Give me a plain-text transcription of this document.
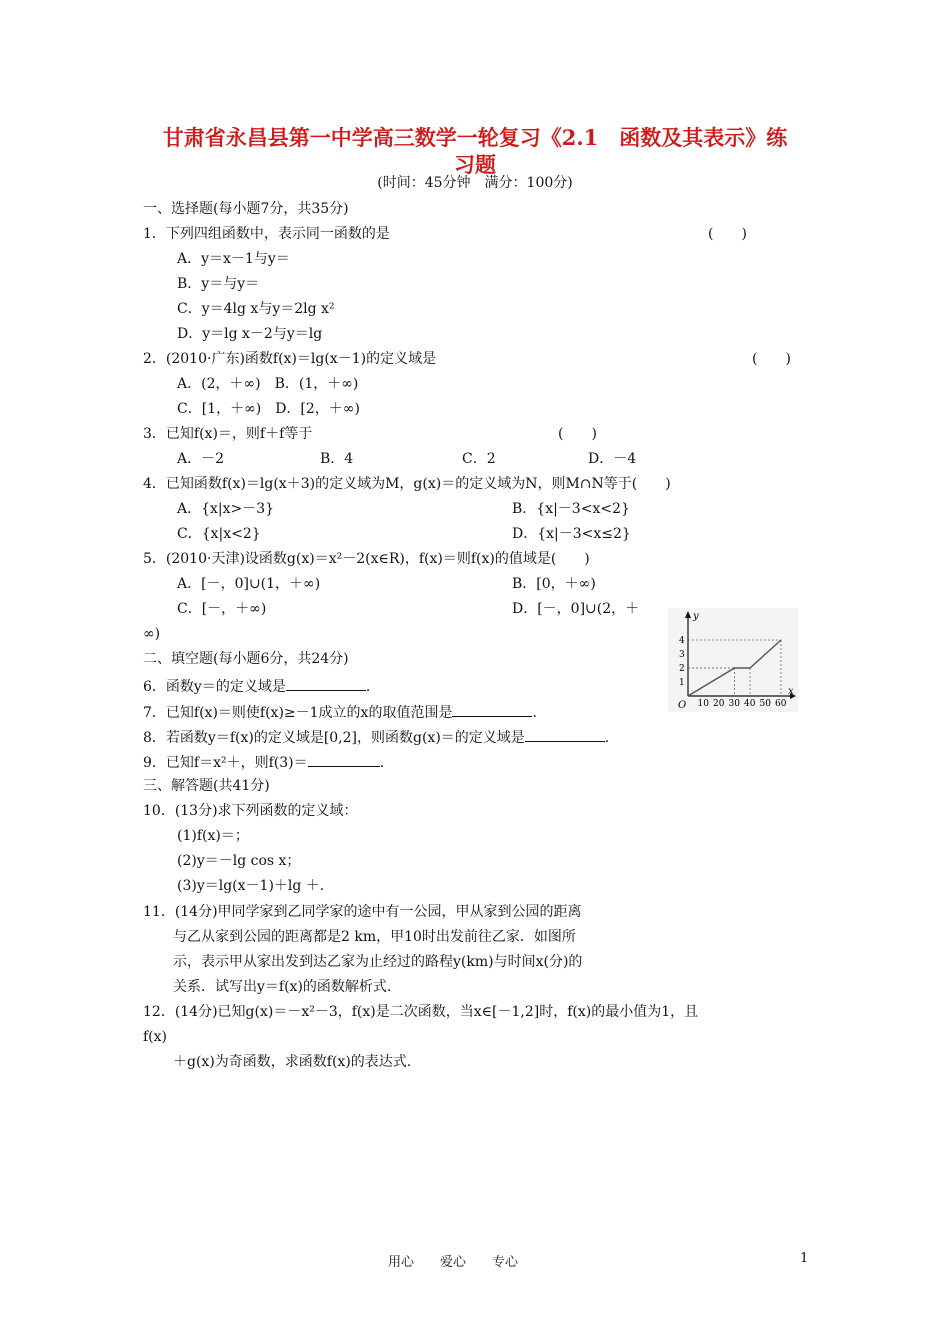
甘肃省永昌县第一中学高三数学一轮复习《2.1　函数及其表示》练
习题
(时间：45分钟　满分：100分)
一、选择题(每小题7分，共35分)
1．下列四组函数中，表示同一函数的是	(　　)
A．y＝x－1与y＝
B．y＝与y＝
C．y＝4lg x与y＝2lg x²
D．y＝lg x－2与y＝lg
2．(2010·广东)函数f(x)＝lg(x－1)的定义域是	(　　)
A．(2，＋∞)　B．(1，＋∞)
C．[1，＋∞)　D．[2，＋∞)
3．已知f(x)＝，则f＋f等于	(　　)
A．－2	B．4	C．2	D．－4
4．已知函数f(x)＝lg(x＋3)的定义域为M，g(x)＝的定义域为N，则M∩N等于(　　)
A．{x|x>－3}	B．{x|－3<x<2}
C．{x|x<2}	D．{x|－3<x≤2}
5．(2010·天津)设函数g(x)＝x²－2(x∈R)，f(x)＝则f(x)的值域是(　　)
A．[－，0]∪(1，＋∞)	B．[0，＋∞)
C．[－，＋∞)	D．[－，0]∪(2，＋
∞)
二、填空题(每小题6分，共24分)
6．函数y＝的定义域是	.
7．已知f(x)＝则使f(x)≥－1成立的x的取值范围是	.
8．若函数y＝f(x)的定义域是[0,2]，则函数g(x)＝的定义域是	.
9．已知f＝x²＋，则f(3)＝	.
三、解答题(共41分)
10．(13分)求下列函数的定义域：
(1)f(x)＝；
(2)y＝－lg cos x；
(3)y＝lg(x－1)＋lg ＋.
11．(14分)甲同学家到乙同学家的途中有一公园，甲从家到公园的距离
与乙从家到公园的距离都是2 km，甲10时出发前往乙家．如图所
示，表示甲从家出发到达乙家为止经过的路程y(km)与时间x(分)的
关系．试写出y＝f(x)的函数解析式.
12．(14分)已知g(x)＝－x²－3，f(x)是二次函数，当x∈[－1,2]时，f(x)的最小值为1，且
f(x)
＋g(x)为奇函数，求函数f(x)的表达式.
y
x
O 10 20 30 40 50 60
1
2
3
4
用心　　爱心　　专心	1
